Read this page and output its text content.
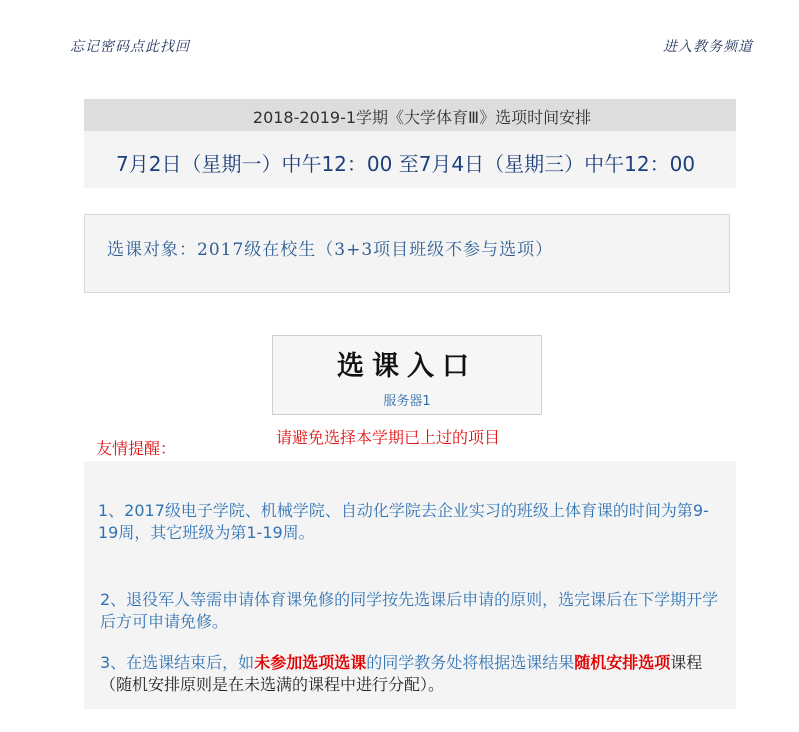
忘记密码点此找回	进入教务频道
2018-2019-1学期《大学体育Ⅲ》选项时间安排
7月2日（星期一）中午12：00 至7月4日（星期三）中午12：00
选课对象：2017级在校生（3+3项目班级不参与选项）
选课入口
服务器1
请避免选择本学期已上过的项目
友情提醒：
1、2017级电子学院、机械学院、自动化学院去企业实习的班级上体育课的时间为第9-19周，其它班级为第1-19周。
2、退役军人等需申请体育课免修的同学按先选课后申请的原则，选完课后在下学期开学后方可申请免修。
3、在选课结束后，如未参加选项选课的同学教务处将根据选课结果随机安排选项课程（随机安排原则是在未选满的课程中进行分配）。
